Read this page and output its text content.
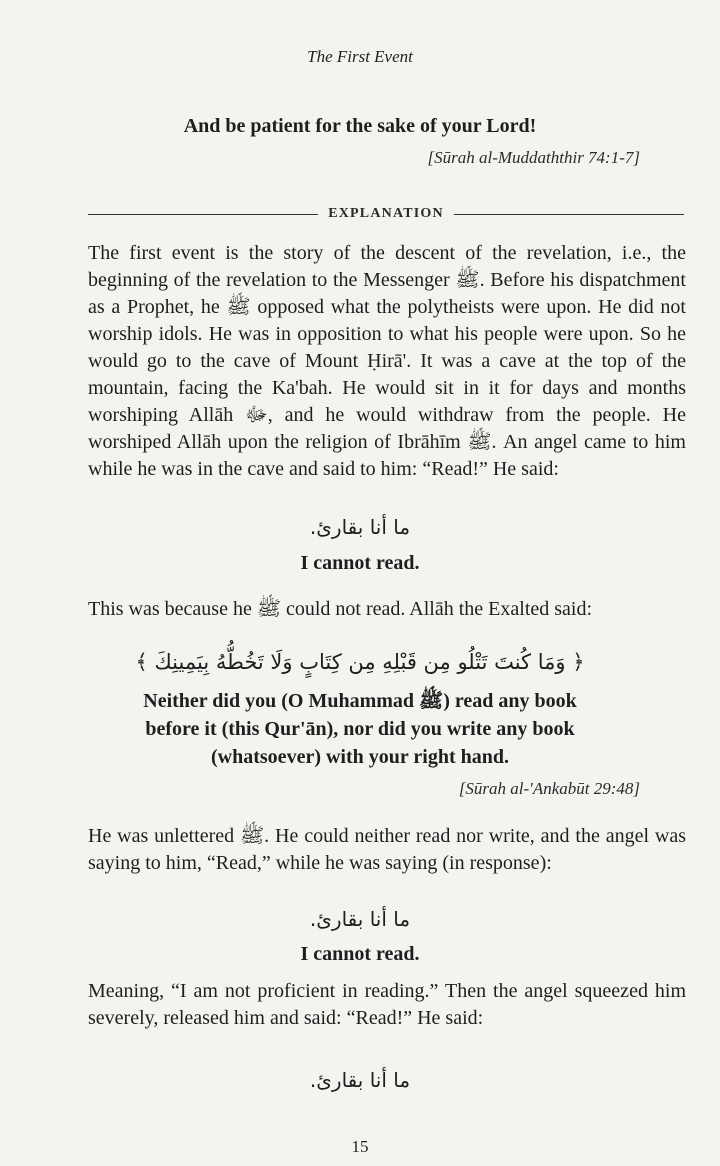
The First Event
And be patient for the sake of your Lord!
[Sūrah al-Muddaththir 74:1-7]
EXPLANATION

The first event is the story of the descent of the revelation, i.e., the beginning of the revelation to the Messenger ﷺ. Before his dispatchment as a Prophet, he ﷺ opposed what the polytheists were upon. He did not worship idols. He was in opposition to what his people were upon. So he would go to the cave of Mount Ḥirā'. It was a cave at the top of the mountain, facing the Ka'bah. He would sit in it for days and months worshiping Allāh ﷻ, and he would withdraw from the people. He worshiped Allāh upon the religion of Ibrāhīm ﷺ. An angel came to him while he was in the cave and said to him: “Read!” He said:

ما أنا بقارئ.
I cannot read.

This was because he ﷺ could not read. Allāh the Exalted said:

﴿ وَمَا كُنتَ تَتْلُو مِن قَبْلِهِ مِن كِتَابٍ وَلَا تَخُطُّهُ بِيَمِينِكَ ﴾
Neither did you (O Muhammad ﷺ) read any book
before it (this Qur'ān), nor did you write any book
(whatsoever) with your right hand.
[Sūrah al-'Ankabūt 29:48]

He was unlettered ﷺ. He could neither read nor write, and the angel was saying to him, “Read,” while he was saying (in response):

ما أنا بقارئ.
I cannot read.

Meaning, “I am not proficient in reading.” Then the angel squeezed him severely, released him and said: “Read!” He said:

ما أنا بقارئ.
15
